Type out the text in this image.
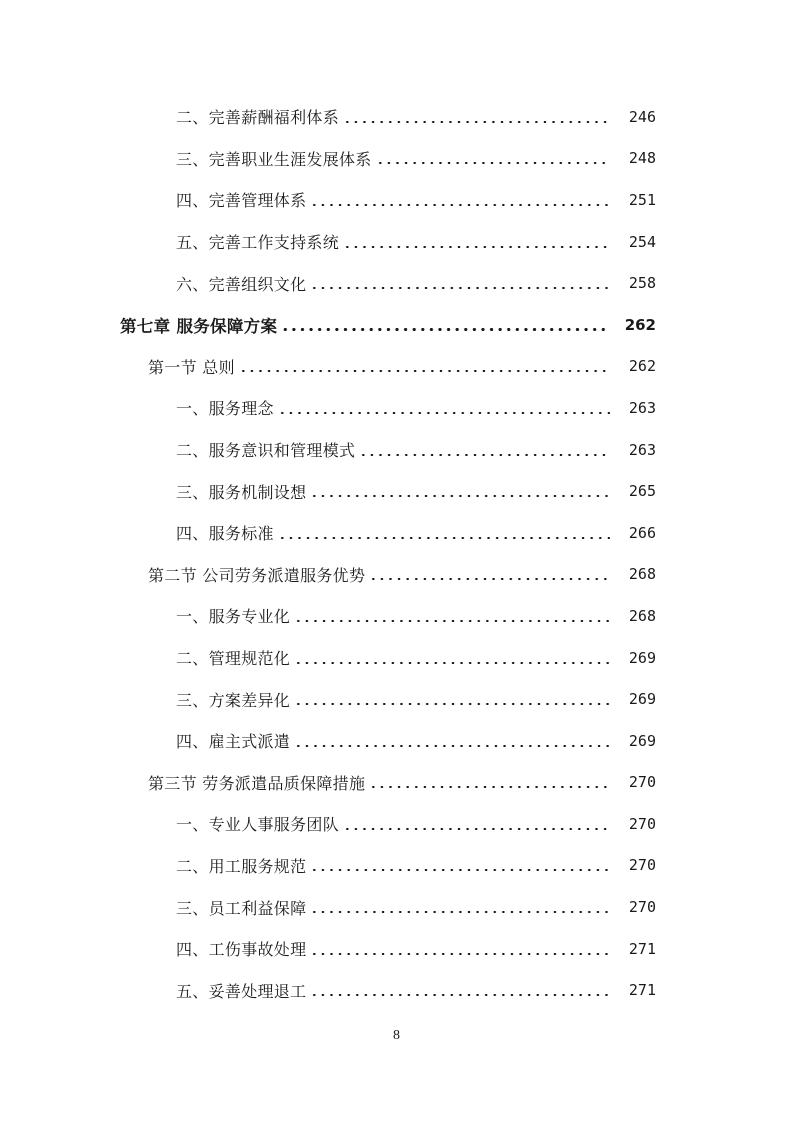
二、完善薪酬福利体系	246
三、完善职业生涯发展体系	248
四、完善管理体系	251
五、完善工作支持系统	254
六、完善组织文化	258
第七章 服务保障方案	262
第一节 总则	262
一、服务理念	263
二、服务意识和管理模式	263
三、服务机制设想	265
四、服务标准	266
第二节 公司劳务派遣服务优势	268
一、服务专业化	268
二、管理规范化	269
三、方案差异化	269
四、雇主式派遣	269
第三节 劳务派遣品质保障措施	270
一、专业人事服务团队	270
二、用工服务规范	270
三、员工利益保障	270
四、工伤事故处理	271
五、妥善处理退工	271
8
